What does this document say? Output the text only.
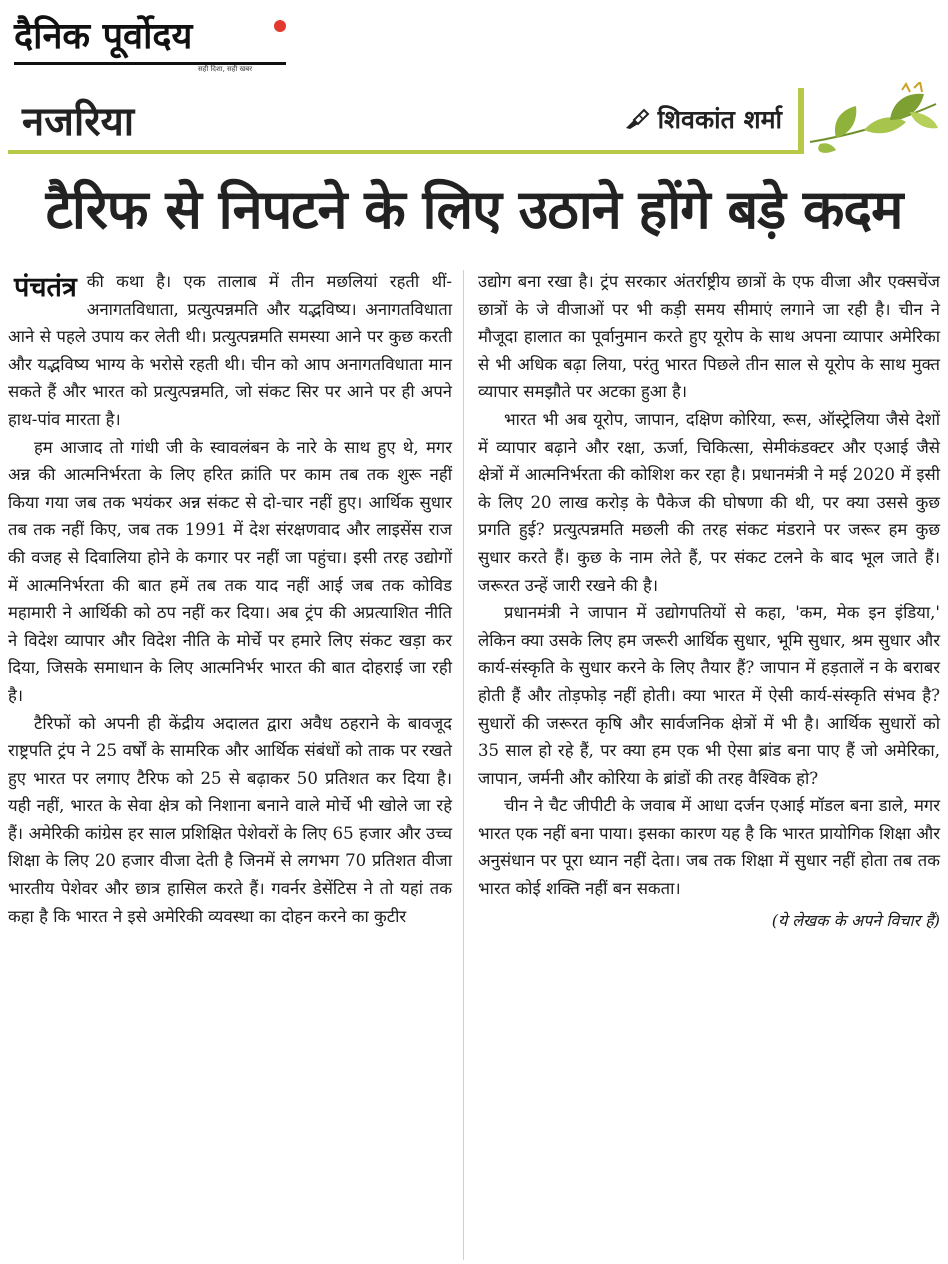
दैनिक पूर्वोदय
सही दिशा, सही खबर
नजरिया	शिवकांत शर्मा
टैरिफ से निपटने के लिए उठाने होंगे बड़े कदम

पंचतंत्र की कथा है। एक तालाब में तीन मछलियां रहती थीं-अनागतविधाता, प्रत्युत्पन्नमति और यद्भविष्य। अनागतविधाता आने से पहले उपाय कर लेती थी। प्रत्युत्पन्नमति समस्या आने पर कुछ करती और यद्भविष्य भाग्य के भरोसे रहती थी। चीन को आप अनागतविधाता मान सकते हैं और भारत को प्रत्युत्पन्नमति, जो संकट सिर पर आने पर ही अपने हाथ-पांव मारता है।

हम आजाद तो गांधी जी के स्वावलंबन के नारे के साथ हुए थे, मगर अन्न की आत्मनिर्भरता के लिए हरित क्रांति पर काम तब तक शुरू नहीं किया गया जब तक भयंकर अन्न संकट से दो-चार नहीं हुए। आर्थिक सुधार तब तक नहीं किए, जब तक 1991 में देश संरक्षणवाद और लाइसेंस राज की वजह से दिवालिया होने के कगार पर नहीं जा पहुंचा। इसी तरह उद्योगों में आत्मनिर्भरता की बात हमें तब तक याद नहीं आई जब तक कोविड महामारी ने आर्थिकी को ठप नहीं कर दिया। अब ट्रंप की अप्रत्याशित नीति ने विदेश व्यापार और विदेश नीति के मोर्चे पर हमारे लिए संकट खड़ा कर दिया, जिसके समाधान के लिए आत्मनिर्भर भारत की बात दोहराई जा रही है।

टैरिफों को अपनी ही केंद्रीय अदालत द्वारा अवैध ठहराने के बावजूद राष्ट्रपति ट्रंप ने 25 वर्षों के सामरिक और आर्थिक संबंधों को ताक पर रखते हुए भारत पर लगाए टैरिफ को 25 से बढ़ाकर 50 प्रतिशत कर दिया है। यही नहीं, भारत के सेवा क्षेत्र को निशाना बनाने वाले मोर्चे भी खोले जा रहे हैं। अमेरिकी कांग्रेस हर साल प्रशिक्षित पेशेवरों के लिए 65 हजार और उच्च शिक्षा के लिए 20 हजार वीजा देती है जिनमें से लगभग 70 प्रतिशत वीजा भारतीय पेशेवर और छात्र हासिल करते हैं। गवर्नर डेसेंटिस ने तो यहां तक कहा है कि भारत ने इसे अमेरिकी व्यवस्था का दोहन करने का कुटीर

उद्योग बना रखा है। ट्रंप सरकार अंतर्राष्ट्रीय छात्रों के एफ वीजा और एक्सचेंज छात्रों के जे वीजाओं पर भी कड़ी समय सीमाएं लगाने जा रही है। चीन ने मौजूदा हालात का पूर्वानुमान करते हुए यूरोप के साथ अपना व्यापार अमेरिका से भी अधिक बढ़ा लिया, परंतु भारत पिछले तीन साल से यूरोप के साथ मुक्त व्यापार समझौते पर अटका हुआ है।

भारत भी अब यूरोप, जापान, दक्षिण कोरिया, रूस, ऑस्ट्रेलिया जैसे देशों में व्यापार बढ़ाने और रक्षा, ऊर्जा, चिकित्सा, सेमीकंडक्टर और एआई जैसे क्षेत्रों में आत्मनिर्भरता की कोशिश कर रहा है। प्रधानमंत्री ने मई 2020 में इसी के लिए 20 लाख करोड़ के पैकेज की घोषणा की थी, पर क्या उससे कुछ प्रगति हुई? प्रत्युत्पन्नमति मछली की तरह संकट मंडराने पर जरूर हम कुछ सुधार करते हैं। कुछ के नाम लेते हैं, पर संकट टलने के बाद भूल जाते हैं। जरूरत उन्हें जारी रखने की है।

प्रधानमंत्री ने जापान में उद्योगपतियों से कहा, 'कम, मेक इन इंडिया,' लेकिन क्या उसके लिए हम जरूरी आर्थिक सुधार, भूमि सुधार, श्रम सुधार और कार्य-संस्कृति के सुधार करने के लिए तैयार हैं? जापान में हड़तालें न के बराबर होती हैं और तोड़फोड़ नहीं होती। क्या भारत में ऐसी कार्य-संस्कृति संभव है? सुधारों की जरूरत कृषि और सार्वजनिक क्षेत्रों में भी है। आर्थिक सुधारों को 35 साल हो रहे हैं, पर क्या हम एक भी ऐसा ब्रांड बना पाए हैं जो अमेरिका, जापान, जर्मनी और कोरिया के ब्रांडों की तरह वैश्विक हो?

चीन ने चैट जीपीटी के जवाब में आधा दर्जन एआई मॉडल बना डाले, मगर भारत एक नहीं बना पाया। इसका कारण यह है कि भारत प्रायोगिक शिक्षा और अनुसंधान पर पूरा ध्यान नहीं देता। जब तक शिक्षा में सुधार नहीं होता तब तक भारत कोई शक्ति नहीं बन सकता।

(ये लेखक के अपने विचार हैं)
